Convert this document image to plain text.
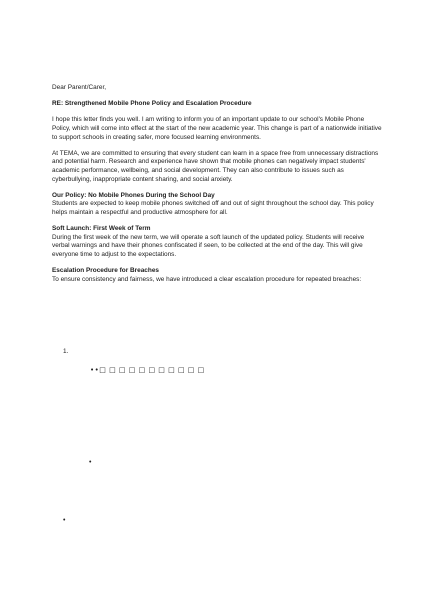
Dear Parent/Carer,

RE: Strengthened Mobile Phone Policy and Escalation Procedure

I hope this letter finds you well. I am writing to inform you of an important update to our school's Mobile Phone Policy, which will come into effect at the start of the new academic year. This change is part of a nationwide initiative to support schools in creating safer, more focused learning environments.

At TEMA, we are committed to ensuring that every student can learn in a space free from unnecessary distractions and potential harm. Research and experience have shown that mobile phones can negatively impact students' academic performance, wellbeing, and social development. They can also contribute to issues such as cyberbullying, inappropriate content sharing, and social anxiety.

Our Policy: No Mobile Phones During the School Day
Students are expected to keep mobile phones switched off and out of sight throughout the school day. This policy helps maintain a respectful and productive atmosphere for all.

Soft Launch: First Week of Term
During the first week of the new term, we will operate a soft launch of the updated policy. Students will receive verbal warnings and have their phones confiscated if seen, to be collected at the end of the day. This will give everyone time to adjust to the expectations.

Escalation Procedure for Breaches
To ensure consistency and fairness, we have introduced a clear escalation procedure for repeated breaches:

1.
••□ □ □ □ □ □ □ □ □ □ □
•
•
